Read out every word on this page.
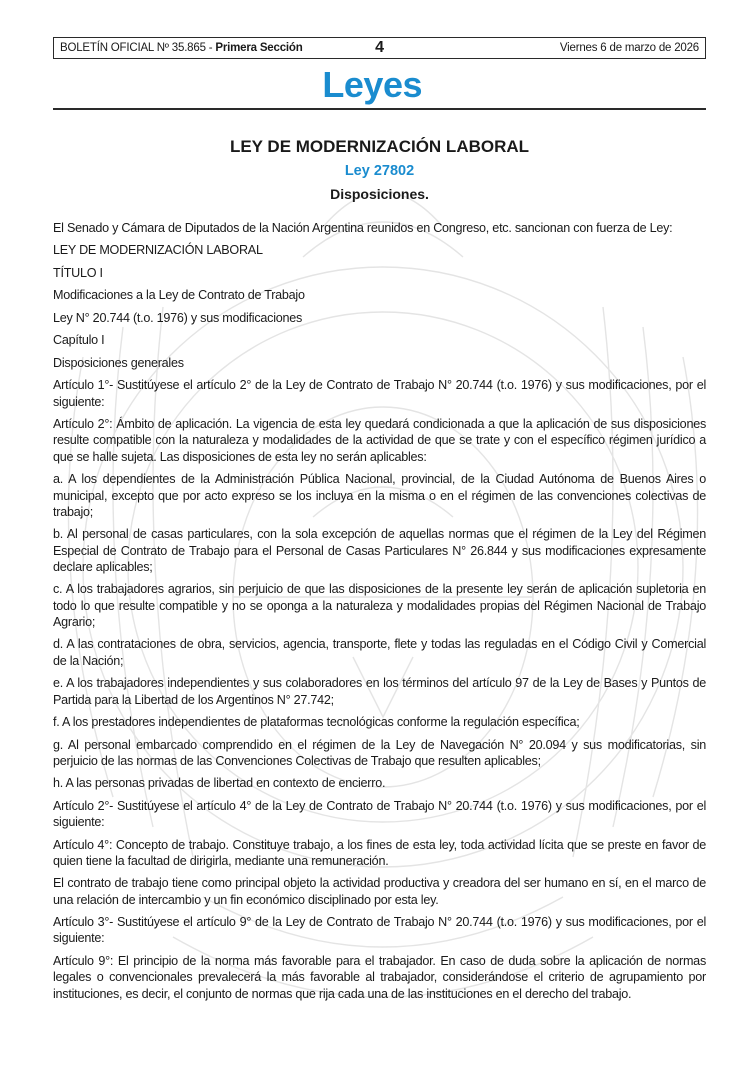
BOLETÍN OFICIAL Nº 35.865 - Primera Sección	4	Viernes 6 de marzo de 2026
Leyes
LEY DE MODERNIZACIÓN LABORAL
Ley 27802
Disposiciones.

El Senado y Cámara de Diputados de la Nación Argentina reunidos en Congreso, etc. sancionan con fuerza de Ley:

LEY DE MODERNIZACIÓN LABORAL

TÍTULO I

Modificaciones a la Ley de Contrato de Trabajo

Ley N° 20.744 (t.o. 1976) y sus modificaciones

Capítulo I

Disposiciones generales

Artículo 1°- Sustitúyese el artículo 2° de la Ley de Contrato de Trabajo N° 20.744 (t.o. 1976) y sus modificaciones, por el siguiente:

Artículo 2°: Ámbito de aplicación. La vigencia de esta ley quedará condicionada a que la aplicación de sus disposiciones resulte compatible con la naturaleza y modalidades de la actividad de que se trate y con el específico régimen jurídico a que se halle sujeta. Las disposiciones de esta ley no serán aplicables:

a. A los dependientes de la Administración Pública Nacional, provincial, de la Ciudad Autónoma de Buenos Aires o municipal, excepto que por acto expreso se los incluya en la misma o en el régimen de las convenciones colectivas de trabajo;

b. Al personal de casas particulares, con la sola excepción de aquellas normas que el régimen de la Ley del Régimen Especial de Contrato de Trabajo para el Personal de Casas Particulares N° 26.844 y sus modificaciones expresamente declare aplicables;

c. A los trabajadores agrarios, sin perjuicio de que las disposiciones de la presente ley serán de aplicación supletoria en todo lo que resulte compatible y no se oponga a la naturaleza y modalidades propias del Régimen Nacional de Trabajo Agrario;

d. A las contrataciones de obra, servicios, agencia, transporte, flete y todas las reguladas en el Código Civil y Comercial de la Nación;

e. A los trabajadores independientes y sus colaboradores en los términos del artículo 97 de la Ley de Bases y Puntos de Partida para la Libertad de los Argentinos N° 27.742;

f. A los prestadores independientes de plataformas tecnológicas conforme la regulación específica;

g. Al personal embarcado comprendido en el régimen de la Ley de Navegación N° 20.094 y sus modificatorias, sin perjuicio de las normas de las Convenciones Colectivas de Trabajo que resulten aplicables;

h. A las personas privadas de libertad en contexto de encierro.

Artículo 2°- Sustitúyese el artículo 4° de la Ley de Contrato de Trabajo N° 20.744 (t.o. 1976) y sus modificaciones, por el siguiente:

Artículo 4°: Concepto de trabajo. Constituye trabajo, a los fines de esta ley, toda actividad lícita que se preste en favor de quien tiene la facultad de dirigirla, mediante una remuneración.

El contrato de trabajo tiene como principal objeto la actividad productiva y creadora del ser humano en sí, en el marco de una relación de intercambio y un fin económico disciplinado por esta ley.

Artículo 3°- Sustitúyese el artículo 9° de la Ley de Contrato de Trabajo N° 20.744 (t.o. 1976) y sus modificaciones, por el siguiente:

Artículo 9°: El principio de la norma más favorable para el trabajador. En caso de duda sobre la aplicación de normas legales o convencionales prevalecerá la más favorable al trabajador, considerándose el criterio de agrupamiento por instituciones, es decir, el conjunto de normas que rija cada una de las instituciones en el derecho del trabajo.
